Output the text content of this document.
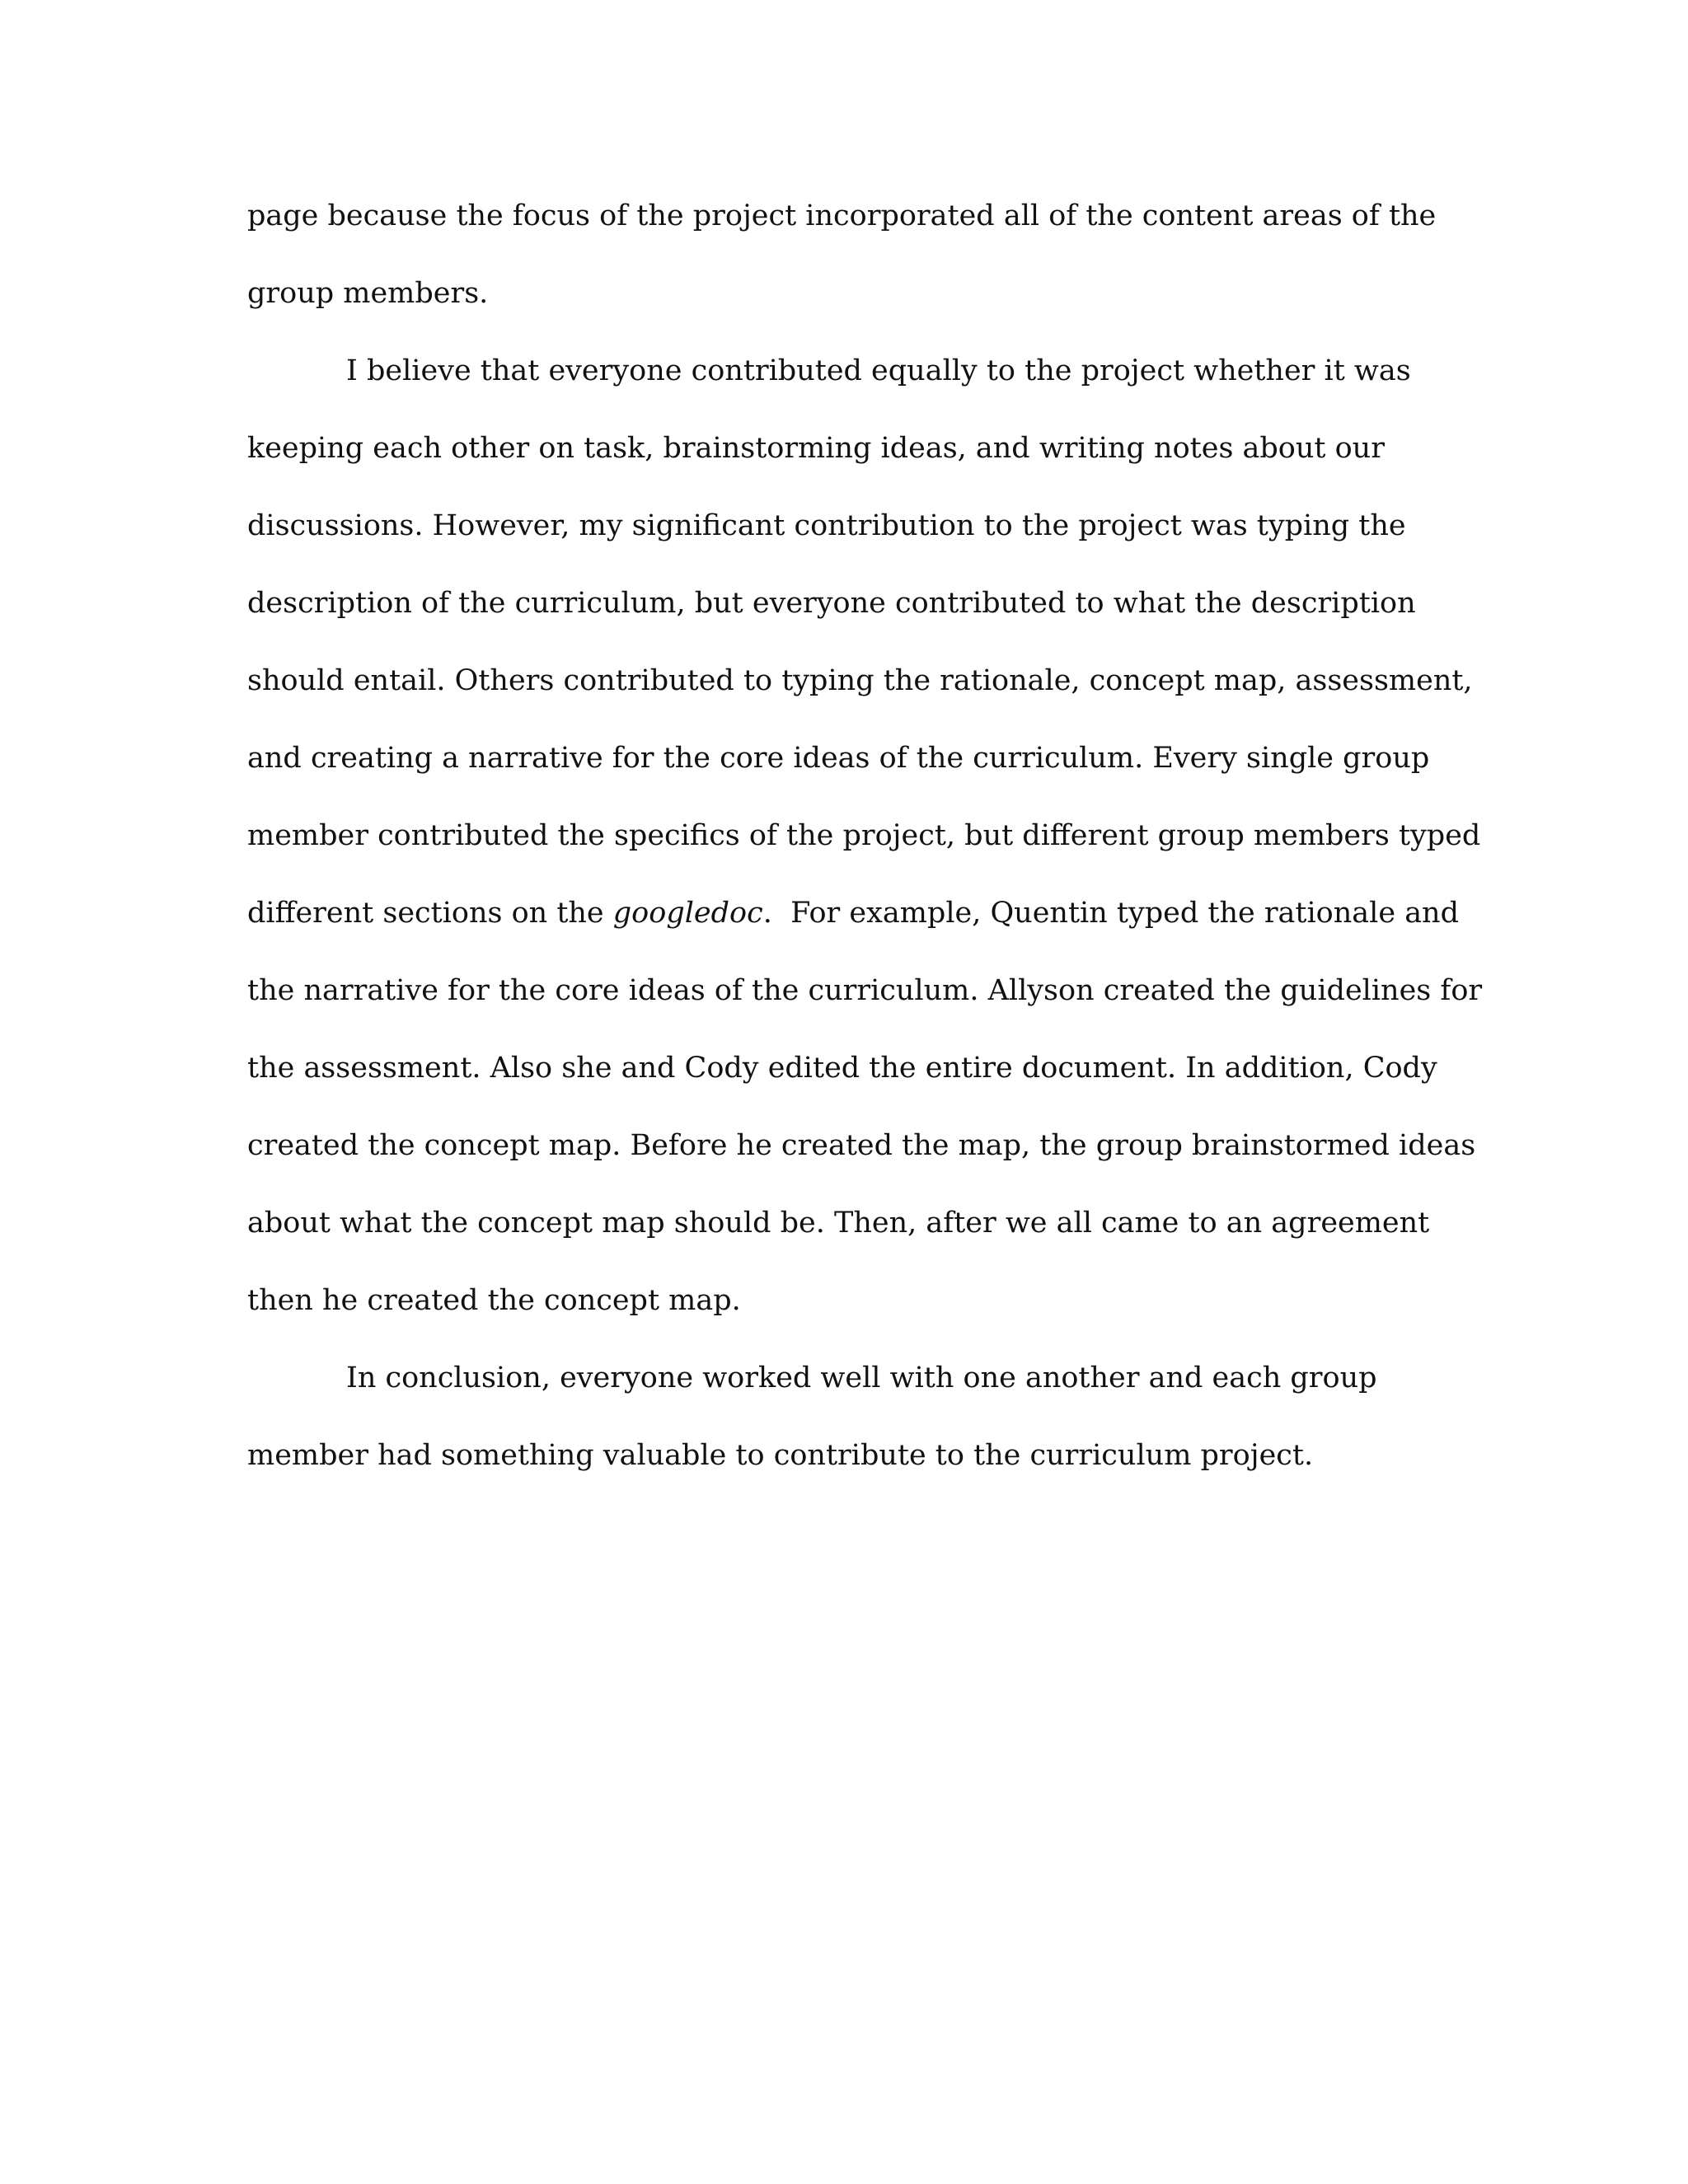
page because the focus of the project incorporated all of the content areas of the
group members.
I believe that everyone contributed equally to the project whether it was
keeping each other on task, brainstorming ideas, and writing notes about our
discussions. However, my significant contribution to the project was typing the
description of the curriculum, but everyone contributed to what the description
should entail. Others contributed to typing the rationale, concept map, assessment,
and creating a narrative for the core ideas of the curriculum. Every single group
member contributed the specifics of the project, but different group members typed
different sections on the googledoc.  For example, Quentin typed the rationale and
the narrative for the core ideas of the curriculum. Allyson created the guidelines for
the assessment. Also she and Cody edited the entire document. In addition, Cody
created the concept map. Before he created the map, the group brainstormed ideas
about what the concept map should be. Then, after we all came to an agreement
then he created the concept map.
In conclusion, everyone worked well with one another and each group
member had something valuable to contribute to the curriculum project.
